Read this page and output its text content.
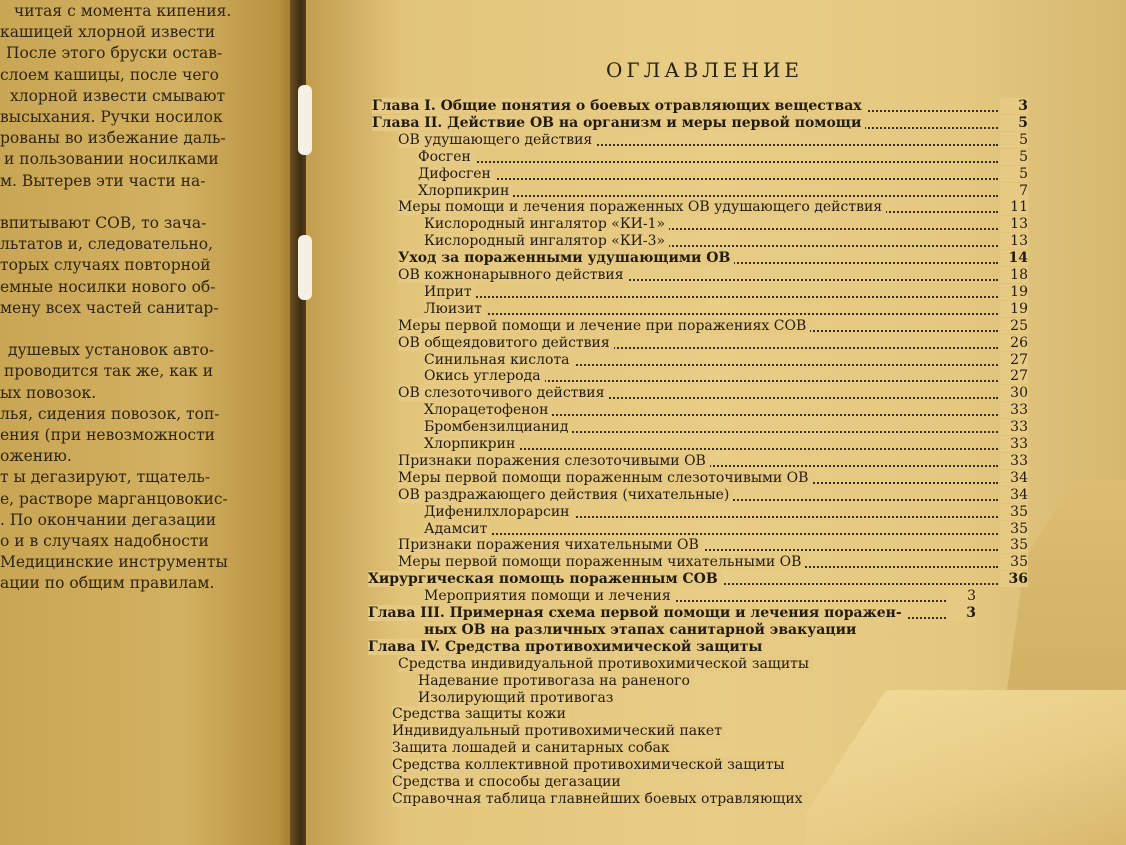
читая с момента кипения.
кашицей хлорной извести
После этого бруски остав-
слоем кашицы, после чего
хлорной извести смывают
высыхания. Ручки носилок
рованы во избежание даль-
и пользовании носилками
м. Вытерев эти части на-
впитывают СОВ, то зача-
льтатов и, следовательно,
торых случаях повторной
емные носилки нового об-
мену всех частей санитар-
душевых установок авто-
проводится так же, как и
ых повозок.
лья, сидения повозок, топ-
ения (при невозможности
ожению.
т ы дегазируют, тщатель-
е, растворе марганцовокис-
. По окончании дегазации
о и в случаях надобности
Медицинские инструменты
ации по общим правилам.
ОГЛАВЛЕНИЕ
Глава I. Общие понятия о боевых отравляющих веществах	3
Глава II. Действие ОВ на организм и меры первой помощи	5
ОВ удушающего действия	5
Фосген	5
Дифосген	5
Хлорпикрин	7
Меры помощи и лечения пораженных ОВ удушающего действия	11
Кислородный ингалятор «КИ-1»	13
Кислородный ингалятор «КИ-3»	13
Уход за пораженными удушающими ОВ	14
ОВ кожнонарывного действия	18
Иприт	19
Люизит	19
Меры первой помощи и лечение при поражениях СОВ	25
ОВ общеядовитого действия	26
Синильная кислота	27
Окись углерода	27
ОВ слезоточивого действия	30
Хлорацетофенон	33
Бромбензилцианид	33
Хлорпикрин	33
Признаки поражения слезоточивыми ОВ	33
Меры первой помощи пораженным слезоточивыми ОВ	34
ОВ раздражающего действия (чихательные)	34
Дифенилхлорарсин	35
Адамсит	35
Признаки поражения чихательными ОВ	35
Меры первой помощи пораженным чихательными ОВ	35
Хирургическая помощь пораженным СОВ	36
Мероприятия помощи и лечения	3
Глава III. Примерная схема первой помощи и лечения поражен-	3
ных ОВ на различных этапах санитарной эвакуации
Глава IV. Средства противохимической защиты
Средства индивидуальной противохимической защиты
Надевание противогаза на раненого
Изолирующий противогаз
Средства защиты кожи
Индивидуальный противохимический пакет
Защита лошадей и санитарных собак
Средства коллективной противохимической защиты
Средства и способы дегазации
Справочная таблица главнейших боевых отравляющих
